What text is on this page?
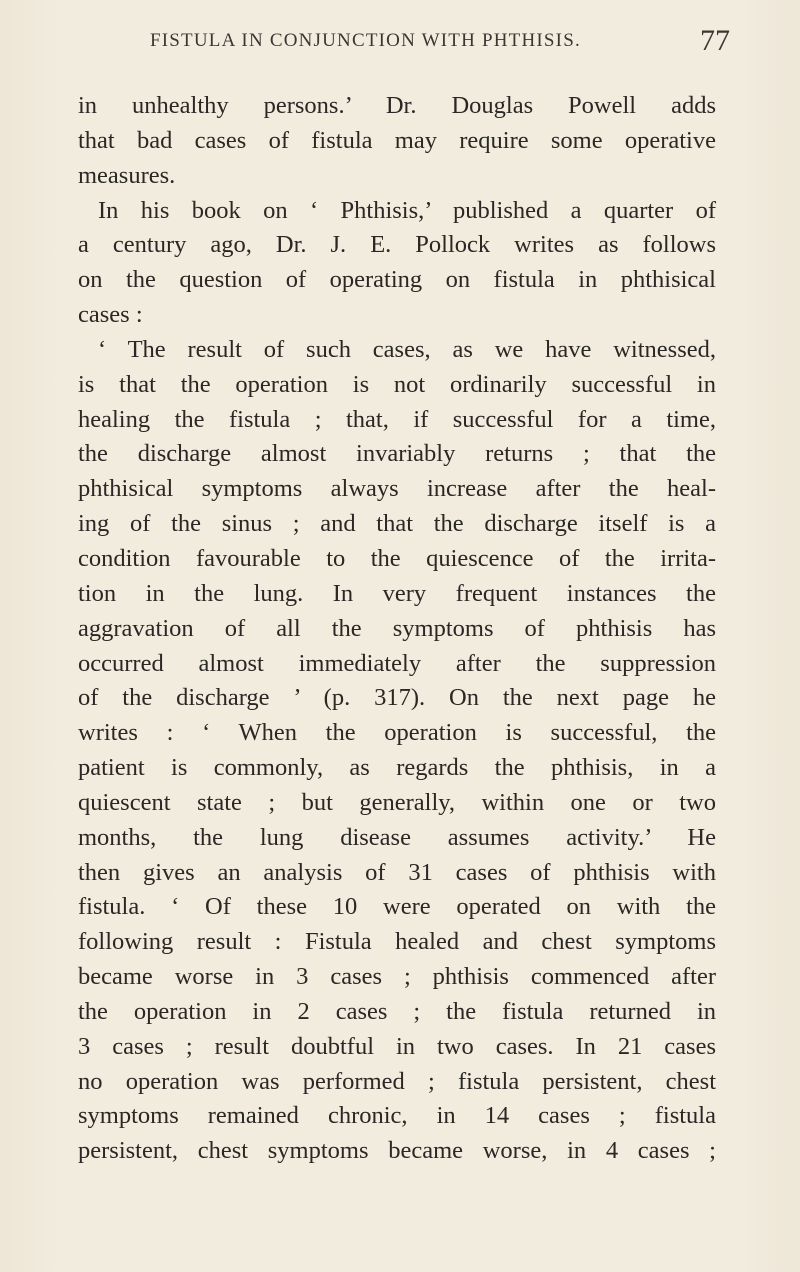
FISTULA IN CONJUNCTION WITH PHTHISIS.	77
in unhealthy persons.’ Dr. Douglas Powell adds
that bad cases of fistula may require some operative
measures.
In his book on ‘ Phthisis,’ published a quarter of
a century ago, Dr. J. E. Pollock writes as follows
on the question of operating on fistula in phthisical
cases :
‘ The result of such cases, as we have witnessed,
is that the operation is not ordinarily successful in
healing the fistula ; that, if successful for a time,
the discharge almost invariably returns ; that the
phthisical symptoms always increase after the heal-
ing of the sinus ; and that the discharge itself is a
condition favourable to the quiescence of the irrita-
tion in the lung. In very frequent instances the
aggravation of all the symptoms of phthisis has
occurred almost immediately after the suppression
of the discharge ’ (p. 317). On the next page he
writes : ‘ When the operation is successful, the
patient is commonly, as regards the phthisis, in a
quiescent state ; but generally, within one or two
months, the lung disease assumes activity.’ He
then gives an analysis of 31 cases of phthisis with
fistula. ‘ Of these 10 were operated on with the
following result : Fistula healed and chest symptoms
became worse in 3 cases ; phthisis commenced after
the operation in 2 cases ; the fistula returned in
3 cases ; result doubtful in two cases. In 21 cases
no operation was performed ; fistula persistent, chest
symptoms remained chronic, in 14 cases ; fistula
persistent, chest symptoms became worse, in 4 cases ;
